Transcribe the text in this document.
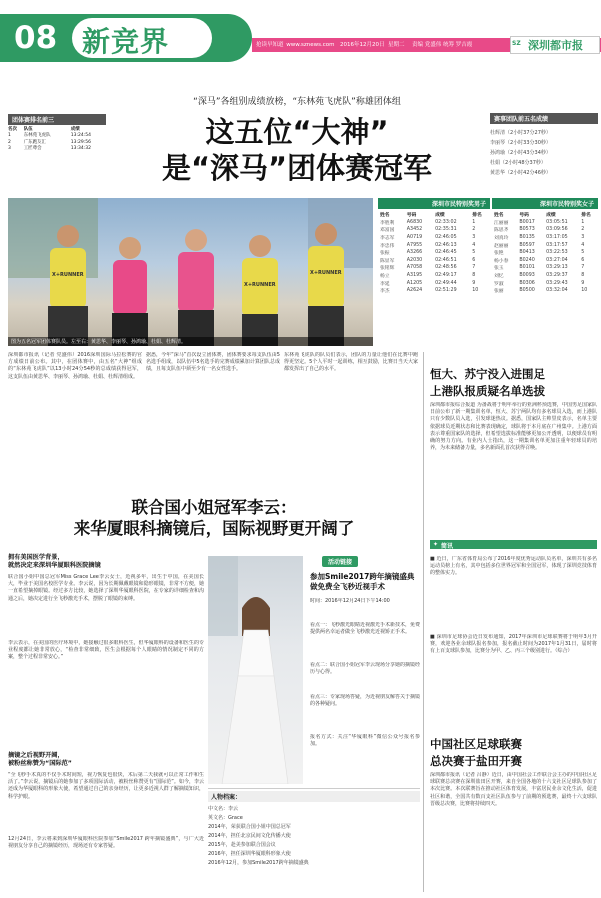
08 新竞界	抢读早知道 www.sznews.com 2016年12月20日 星期二 责编 党盛伟 统筹 罗吉霞	SZ 深圳都市报
团体赛排名前三
名次	队伍	成绩
1	东林苑飞虎队	13:24:54
2	广东跑友汇	13:29:56
3	工匠尊会	13:34:32
“深马”各组别成绩放榜，“东林苑飞虎队”称雄团体组
这五位“大神”
是“深马”团体赛冠军
赛事团队前五名成绩
杜辉清（2小时37分27秒）
李丽琴（2小时33分30秒）
孙鸿瑜（2小时43分34秒）
杜娟（2小时48分37秒）
黄思华（2小时42分46秒）
X+RUNNER
X+RUNNER
X+RUNNER
图为五名冠军团体赛队员。左至右：黄思华、李丽琴、孙鸿瑜、杜娟、杜辉清。
深圳市民特别奖男子
姓名	号码	成绩	排名
李胜利	A6830	02:33:02	1
邓富国	A3452	02:35:31	2
李志军	A0719	02:46:05	3
李忠伟	A7955	02:46:13	4
张振	A3266	02:46:45	5
陈显军	A2030	02:46:51	6
张铭辉	A7058	02:48:56	7
杨立	A3195	02:49:17	8
李延	A1205	02:49:44	9
李杰	A2624	02:51:29	10
深圳市民特别奖女子
姓名	号码	成绩	排名
江丽丽	B0017	03:05:51	1
陈思齐	B0573	03:09:56	2
刘真玲	B0135	03:17:05	3
赵丽丽	B0597	03:17:57	4
张艳	B0413	03:22:53	5
杨小春	B0240	03:27:04	6
张玉	B0101	03:29:13	7
刘忆	B0093	03:29:37	8
罗淑	B0306	03:29:43	9
张丽	B0500	03:32:04	10
深圳都市报讯（记者 党盛伟）2016深圳国际马拉松赛的官方成绩日前公布。其中，在团体赛中，由五名“大神”组成的“东林苑飞虎队”以13小时24分54秒的总成绩获得冠军，这支队伍由黄思华、李丽琴、孙鸿瑜、杜娟、杜辉清组成。
据悉，今年“深马”首次设立团体赛，团体赛要求每支队伍由5名选手组成，以队伍中5名选手的完赛成绩累加计算团队总成绩，且每支队伍中须至少有一名女性选手。
东林苑飞虎队的队员们表示，团队的力量让他们在比赛中跑得更坚定。5个人平时一起训练，相互鼓励，比赛日当天大家都发挥出了自己的水平。	恒大、苏宁没入进围足
上港队报质疑名单选拔
深圳都市报综合报道 为备战将于明年举行的亚洲杯预选赛，中国男足国家队日前公布了新一期集训名单，恒大、苏宁两队均有多名球员入选，而上港队只有少数队员入选，引发球迷热议。据悉，国家队主帅里皮表示，名单主要依据球员近期状态和比赛表现确定，球队将于本月底在广州集中。上港方面表示尊重国家队的选择，但希望选拔标准能够更加公开透明，以便球员有明确的努力方向。有业内人士指出，这一期集训名单更加注重年轻球员的培养，为未来储备力量，多名新面孔首次获得召唤。
✦ 简讯
■ 近日，广东省体育局公布了2016年度优秀运动队员名单，深圳共有多名运动员榜上有名，其中包括多位世界冠军和全国冠军，体现了深圳竞技体育的整体实力。
■ 深圳市足球协会近日发布通知，2017年深圳市足球联赛将于明年3月开赛，欢迎各业余球队报名参加，报名截止时间为2017年1月31日，届时将有上百支球队参加，比赛分为甲、乙、丙三个级别进行。（综合）
中国社区足球联赛
总决赛于盐田开赛
深圳都市报讯（记者 吕静）近日，由中国社会工作联合会主办的中国社区足球联赛总决赛在深圳盐田区开赛，来自全国各地的十六支社区足球队参加了本次比赛。本次联赛旨在推动社区体育发展，丰富居民业余文化生活，促进社区和谐，全国共有数百支社区队伍参与了前期的预选赛，最终十六支球队晋级总决赛，比赛将持续四天。
联合国小姐冠军李云：
来华厦眼科摘镜后，国际视野更开阔了
拥有美国医学背景，
就然决定来深圳华厦眼科医院摘镜
联合国小姐中国总冠军Miss Grace Lee李云女士，近视多年，出生于中国，在美国长大，毕业于美国名校医学专业。李云说，因为长期佩戴眼镜和隐形眼镜，非常不方便，她一直希望摘掉眼镜。经过多方比较，她选择了深圳华厦眼科医院，在专家的详细检查和沟通之后，她决定进行全飞秒激光手术，摆脱了眼镜的束缚。
李云表示，在美国的医疗环境中，她接触过很多眼科医生，但华厦眼科的设备和医生的专业程度都让她非常放心，“检查非常细致，医生会根据每个人眼睛的情况制定不同的方案，整个过程非常安心。”
摘镜之后视野开阔，
被粉丝称赞为“国际范”
“全飞秒手术真的不仅手术时间短，视力恢复也很快，术后第二天我就可以正常工作和生活了。”李云说，摘镜后的她参加了多项国际活动，被粉丝称赞更有“国际范”。如今，李云还成为华厦眼科的形象大使，希望通过自己的亲身经历，让更多近视人群了解摘镜知识，科学护眼。
12月24日，李云将来到深圳华厦眼科医院参加“Smile2017 跨年摘镜盛典”，与广大近视朋友分享自己的摘镜经历，现场还有专家答疑。
活动链接
参加Smile2017跨年摘镜盛典
做免费全飞秒近视手术
时间：2016年12月24日下午14:00
看点一：飞秒激光眼睛近视激光手术新技术，免费提供两名幸运者做全飞秒激光近视矫正手术。
看点二：联合国小姐冠军李云现场分享她的摘镜经历与心得。
看点三：专家现场答疑，为近视朋友解答关于摘镜的各种疑问。
报名方式：关注“华厦眼科”微信公众号报名参加。
人物档案：
中文名：李云
英文名：Grace
2014年，荣获联合国小姐中国总冠军
2014年，担任北京民间文化传播大使
2015年，赴美参加联合国会议
2016年，担任深圳华厦眼科形象大使
2016年12月，参加Smile2017跨年摘镜盛典
